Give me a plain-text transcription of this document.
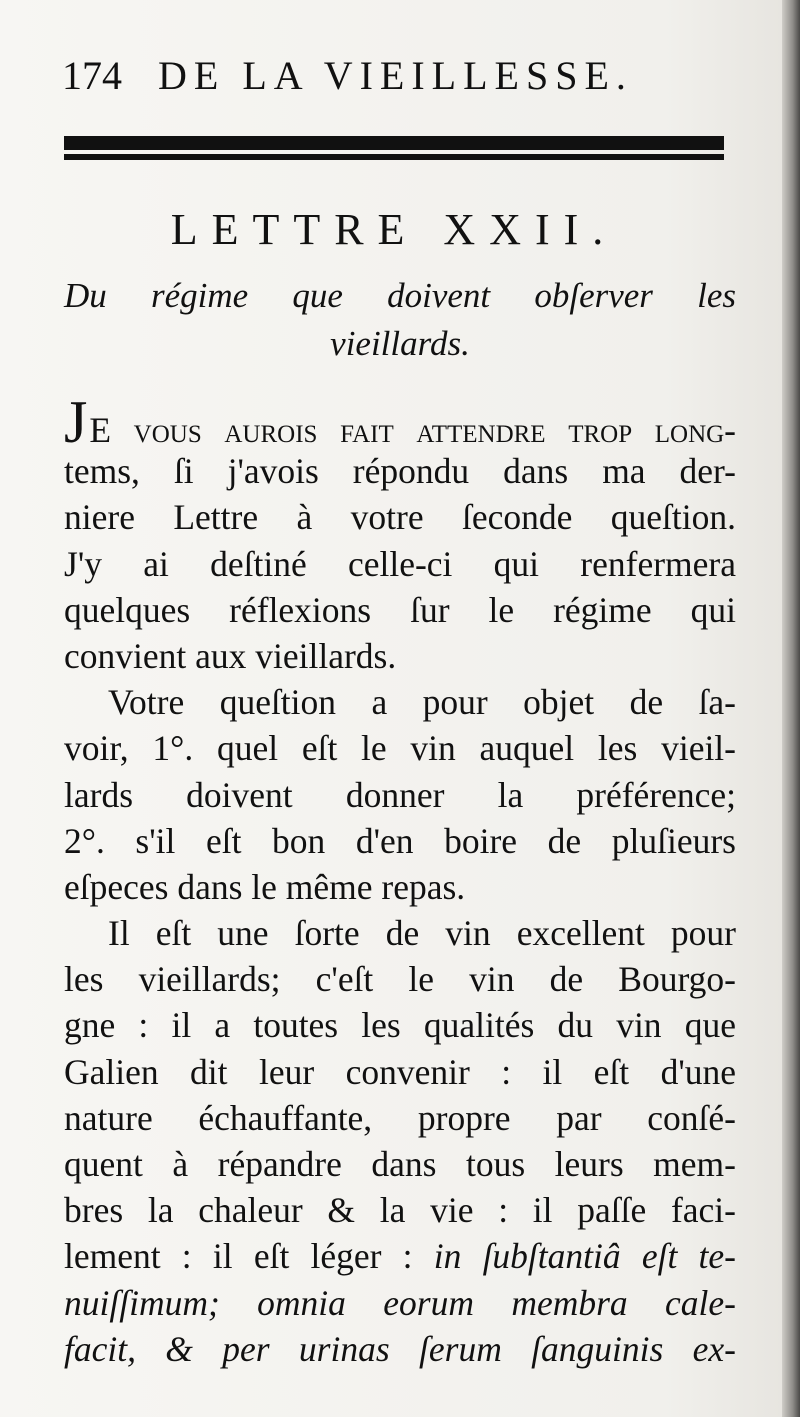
174 DE LA VIEILLESSE.
LETTRE XXII.
Du régime que doivent obſerver les
vieillards.
JE vous aurois fait attendre trop long-
tems, ſi j'avois répondu dans ma der-
niere Lettre à votre ſeconde queſtion.
J'y ai deſtiné celle-ci qui renfermera
quelques réflexions ſur le régime qui
convient aux vieillards.
Votre queſtion a pour objet de ſa-
voir, 1°. quel eſt le vin auquel les vieil-
lards doivent donner la préférence;
2°. s'il eſt bon d'en boire de pluſieurs
eſpeces dans le même repas.
Il eſt une ſorte de vin excellent pour
les vieillards; c'eſt le vin de Bourgo-
gne : il a toutes les qualités du vin que
Galien dit leur convenir : il eſt d'une
nature échauffante, propre par conſé-
quent à répandre dans tous leurs mem-
bres la chaleur & la vie : il paſſe faci-
lement : il eſt léger : in ſubſtantiâ eſt te-
nuiſſimum; omnia eorum membra cale-
facit, & per urinas ſerum ſanguinis ex-
